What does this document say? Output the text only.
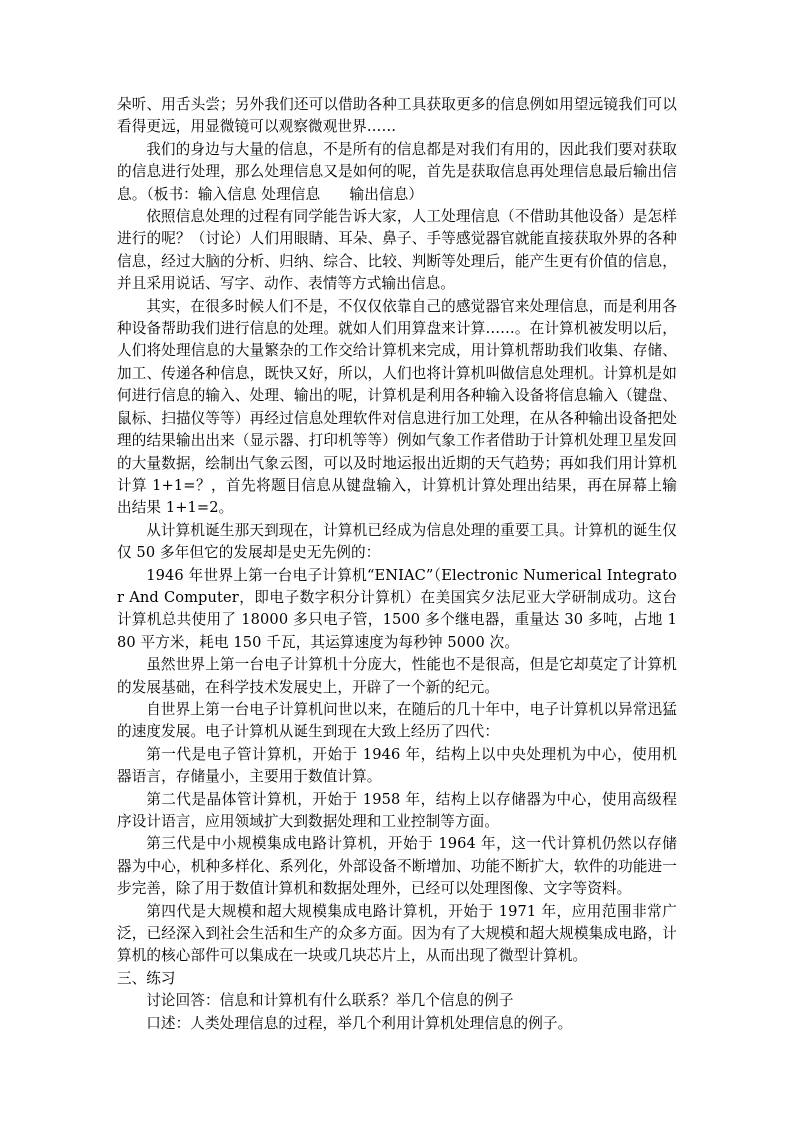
朵听、用舌头尝；另外我们还可以借助各种工具获取更多的信息例如用望远镜我们可以看得更远，用显微镜可以观察微观世界……

我们的身边与大量的信息，不是所有的信息都是对我们有用的，因此我们要对获取的信息进行处理，那么处理信息又是如何的呢，首先是获取信息再处理信息最后输出信息。（板书：输入信息 处理信息　　输出信息）

依照信息处理的过程有同学能告诉大家，人工处理信息（不借助其他设备）是怎样进行的呢？（讨论）人们用眼睛、耳朵、鼻子、手等感觉器官就能直接获取外界的各种信息，经过大脑的分析、归纳、综合、比较、判断等处理后，能产生更有价值的信息，并且采用说话、写字、动作、表情等方式输出信息。

其实，在很多时候人们不是，不仅仅依靠自己的感觉器官来处理信息，而是利用各种设备帮助我们进行信息的处理。就如人们用算盘来计算……。在计算机被发明以后，人们将处理信息的大量繁杂的工作交给计算机来完成，用计算机帮助我们收集、存储、加工、传递各种信息，既快又好，所以，人们也将计算机叫做信息处理机。计算机是如何进行信息的输入、处理、输出的呢，计算机是利用各种输入设备将信息输入（键盘、鼠标、扫描仪等等）再经过信息处理软件对信息进行加工处理，在从各种输出设备把处理的结果输出出来（显示器、打印机等等）例如气象工作者借助于计算机处理卫星发回的大量数据，绘制出气象云图，可以及时地运报出近期的天气趋势；再如我们用计算机计算 1+1=？，首先将题目信息从键盘输入，计算机计算处理出结果，再在屏幕上输出结果 1+1=2。

从计算机诞生那天到现在，计算机已经成为信息处理的重要工具。计算机的诞生仅仅 50 多年但它的发展却是史无先例的：

1946 年世界上第一台电子计算机“ENIAC”（Electronic Numerical Integrator And Computer，即电子数字积分计算机）在美国宾夕法尼亚大学研制成功。这台计算机总共使用了 18000 多只电子管，1500 多个继电器，重量达 30 多吨，占地 180 平方米，耗电 150 千瓦，其运算速度为每秒钟 5000 次。

虽然世界上第一台电子计算机十分庞大，性能也不是很高，但是它却莫定了计算机的发展基础，在科学技术发展史上，开辟了一个新的纪元。

自世界上第一台电子计算机问世以来，在随后的几十年中，电子计算机以异常迅猛的速度发展。电子计算机从诞生到现在大致上经历了四代：

第一代是电子管计算机，开始于 1946 年，结构上以中央处理机为中心，使用机器语言，存储量小，主要用于数值计算。

第二代是晶体管计算机，开始于 1958 年，结构上以存储器为中心，使用高级程序设计语言，应用领域扩大到数据处理和工业控制等方面。

第三代是中小规模集成电路计算机，开始于 1964 年，这一代计算机仍然以存储器为中心，机种多样化、系列化，外部设备不断增加、功能不断扩大，软件的功能进一步完善，除了用于数值计算机和数据处理外，已经可以处理图像、文字等资料。

第四代是大规模和超大规模集成电路计算机，开始于 1971 年，应用范围非常广泛，已经深入到社会生活和生产的众多方面。因为有了大规模和超大规模集成电路，计算机的核心部件可以集成在一块或几块芯片上，从而出现了微型计算机。

三、练习

讨论回答：信息和计算机有什么联系？举几个信息的例子

口述：人类处理信息的过程，举几个利用计算机处理信息的例子。
